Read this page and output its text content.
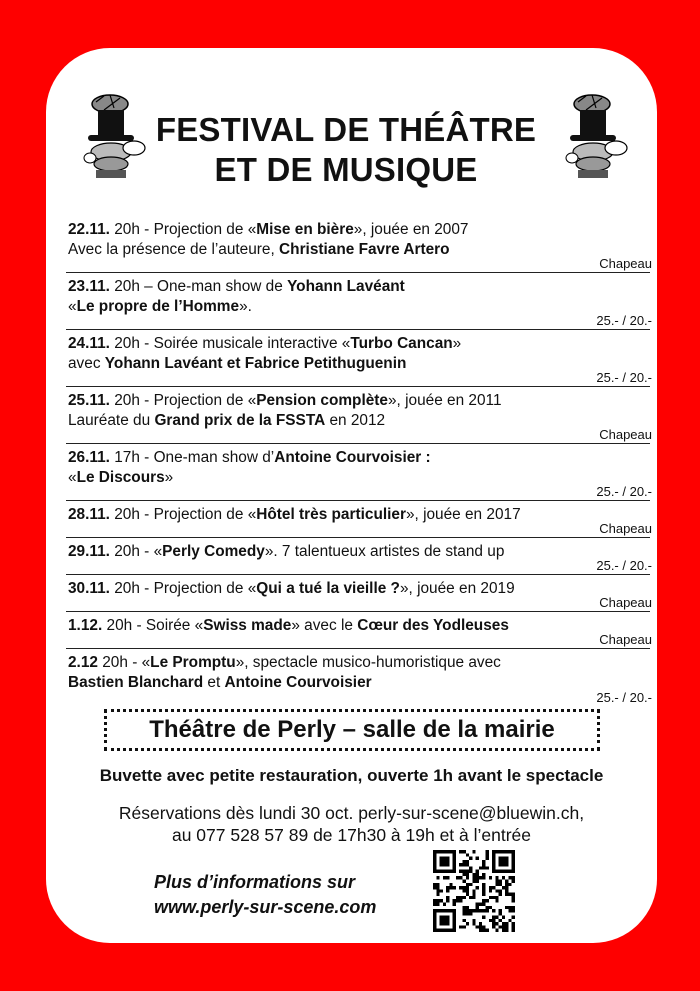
FESTIVAL DE THÉÂTRE
ET DE MUSIQUE
22.11. 20h - Projection de «Mise en bière», jouée en 2007
Avec la présence de l’auteure, Christiane Favre Artero
Chapeau
23.11. 20h – One-man show de Yohann Lavéant
«Le propre de l’Homme».
25.- / 20.-
24.11. 20h - Soirée musicale interactive «Turbo Cancan»
avec Yohann Lavéant et Fabrice Petithuguenin
25.- / 20.-
25.11. 20h - Projection de «Pension complète», jouée en 2011
Lauréate du Grand prix de la FSSTA en 2012
Chapeau
26.11. 17h - One-man show d’Antoine Courvoisier :
«Le Discours»
25.- / 20.-
28.11. 20h - Projection de «Hôtel très particulier», jouée en 2017
Chapeau
29.11. 20h - «Perly Comedy». 7 talentueux artistes de stand up
25.- / 20.-
30.11. 20h - Projection de «Qui a tué la vieille ?», jouée en 2019
Chapeau
1.12. 20h - Soirée «Swiss made» avec le Cœur des Yodleuses
Chapeau
2.12 20h - «Le Promptu», spectacle musico-humoristique avec
Bastien Blanchard et Antoine Courvoisier
25.- / 20.-
Théâtre de Perly – salle de la mairie
Buvette avec petite restauration, ouverte 1h avant le spectacle
Réservations dès lundi 30 oct. perly-sur-scene@bluewin.ch,
au 077 528 57 89 de 17h30 à 19h et à l’entrée
Plus d’informations sur
www.perly-sur-scene.com
